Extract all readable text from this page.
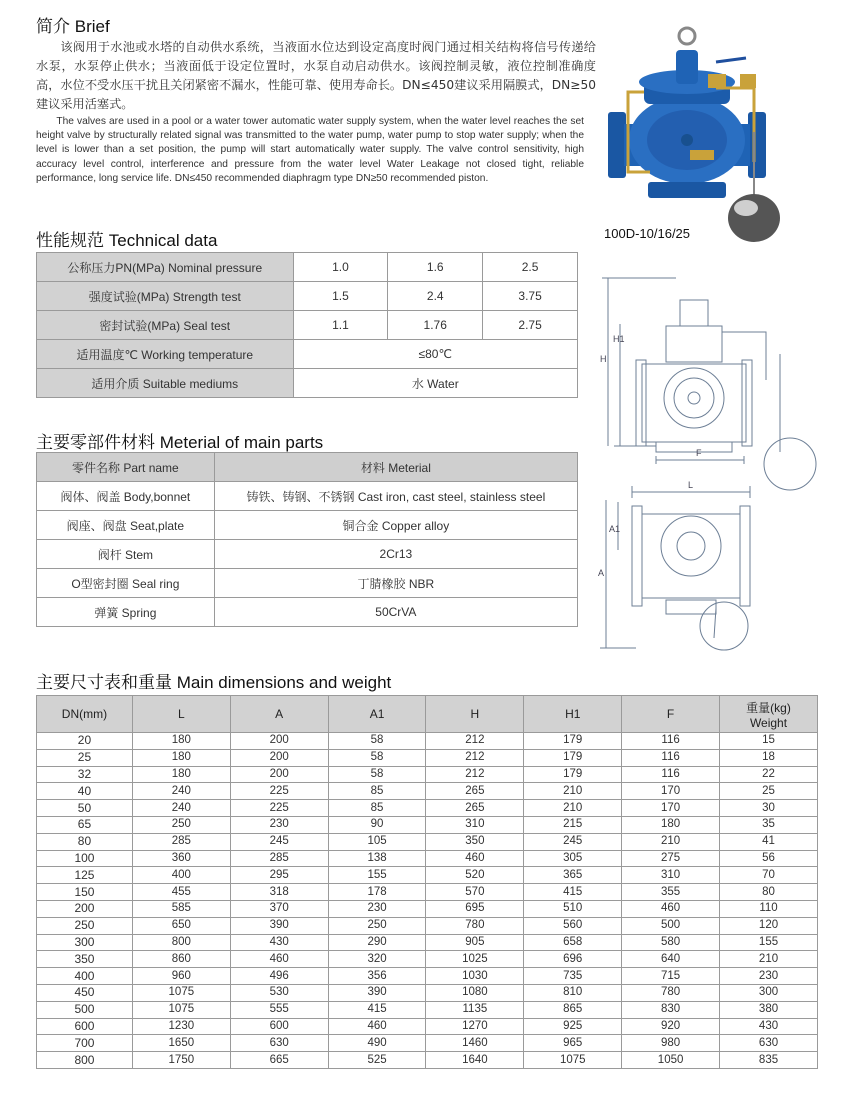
简介 Brief

该阀用于水池或水塔的自动供水系统，当液面水位达到设定高度时阀门通过相关结构将信号传递给水泵，水泵停止供水；当液面低于设定位置时，水泵自动启动供水。该阀控制灵敏，液位控制准确度高，水位不受水压干扰且关闭紧密不漏水，性能可靠、使用寿命长。DN≤450建议采用隔膜式，DN≥50建议采用活塞式。

The valves are used in a pool or a water tower automatic water supply system, when the water level reaches the set height valve by structurally related signal was transmitted to the water pump, water pump to stop water supply; when the level is lower than a set position, the pump will start automatically water supply. The valve control sensitivity, high accuracy level control, interference and pressure from the water level Water Leakage not closed tight, reliable performance, long service life. DN≤450 recommended diaphragm type DN≥50 recommended piston.

100D-10/16/25
性能规范 Technical data
公称压力PN(MPa) Nominal pressure	1.0	1.6	2.5
强度试验(MPa) Strength test	1.5	2.4	3.75
密封试验(MPa) Seal test	1.1	1.76	2.75
适用温度℃ Working temperature	≤80℃		
适用介质 Suitable mediums	水 Water		
主要零部件材料 Meterial of main parts
零件名称 Part name	材料 Meterial
阀体、阀盖 Body,bonnet	铸铁、铸钢、不锈钢 Cast iron, cast steel, stainless steel
阀座、阀盘 Seat,plate	铜合金 Copper alloy
阀杆 Stem	2Cr13
O型密封圈 Seal ring	丁腈橡胶 NBR
弹簧 Spring	50CrVA
H
H1
F
L
A
A1
主要尺寸表和重量 Main dimensions and weight
DN(mm)	L	A	A1	H	H1	F	重量(kg)
Weight

20	180	200	58	212	179	116	15
25	180	200	58	212	179	116	18
32	180	200	58	212	179	116	22
40	240	225	85	265	210	170	25
50	240	225	85	265	210	170	30
65	250	230	90	310	215	180	35
80	285	245	105	350	245	210	41
100	360	285	138	460	305	275	56
125	400	295	155	520	365	310	70
150	455	318	178	570	415	355	80
200	585	370	230	695	510	460	110
250	650	390	250	780	560	500	120
300	800	430	290	905	658	580	155
350	860	460	320	1025	696	640	210
400	960	496	356	1030	735	715	230
450	1075	530	390	1080	810	780	300
500	1075	555	415	1135	865	830	380
600	1230	600	460	1270	925	920	430
700	1650	630	490	1460	965	980	630
800	1750	665	525	1640	1075	1050	835
